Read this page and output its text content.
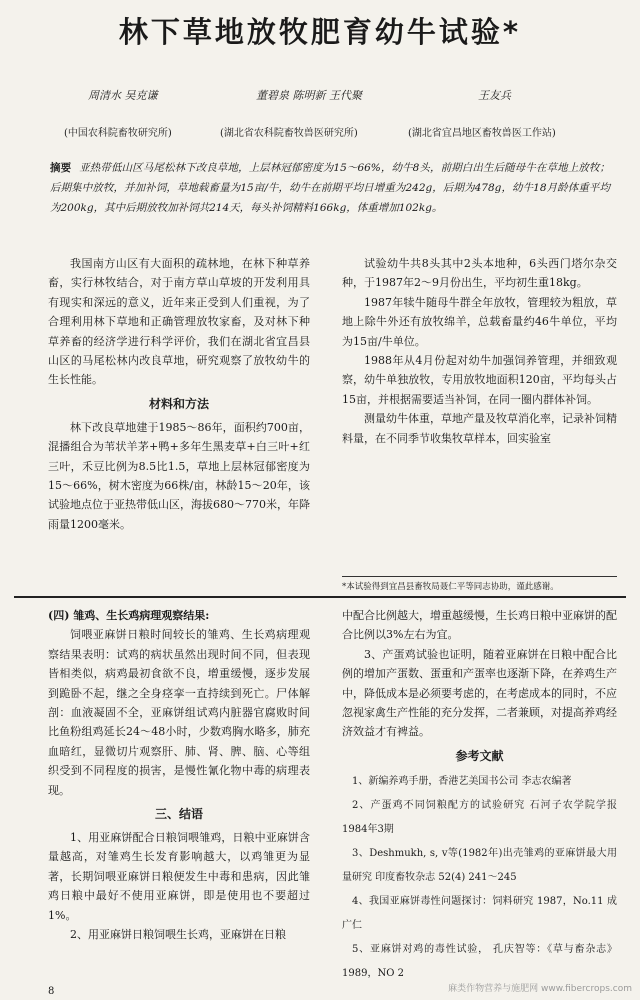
林下草地放牧肥育幼牛试验*
周清水 吴克谦	董碧泉 陈明新 王代聚	王友兵
(中国农科院畜牧研究所)	(湖北省农科院畜牧兽医研究所)	(湖北省宜昌地区畜牧兽医工作站)
摘要 亚热带低山区马尾松林下改良草地，上层林冠郁密度为15～66%，幼牛8头，前期白出生后随母牛在草地上放牧；后期集中放牧，并加补饲，草地载畜量为15亩/牛，幼牛在前期平均日增重为242g，后期为478g，幼牛18月龄体重平均为200kg，其中后期放牧加补饲共214天，每头补饲精料166kg，体重增加102kg。

我国南方山区有大面积的疏林地，在林下种草养畜，实行林牧结合，对于南方草山草坡的开发利用具有现实和深远的意义，近年来正受到人们重视，为了合理利用林下草地和正确管理放牧家畜，及对林下种草养畜的经济学进行科学评价，我们在湖北省宜昌县山区的马尾松林内改良草地，研究观察了放牧幼牛的生长性能。

材料和方法

林下改良草地建于1985～86年，面积约700亩，混播组合为苇状羊茅+鸭+多年生黑麦草+白三叶+红三叶，禾豆比例为8.5比1.5，草地上层林冠郁密度为15～66%，树木密度为66株/亩，林龄15～20年，该试验地点位于亚热带低山区，海拔680～770米，年降雨量1200毫米。

试验幼牛共8头其中2头本地种，6头西门塔尔杂交种，于1987年2～9月份出生，平均初生重18kg。

1987年犊牛随母牛群全年放牧，管理较为粗放，草地上除牛外还有放牧绵羊，总载畜量约46牛单位，平均为15亩/牛单位。

1988年从4月份起对幼牛加强饲养管理，并细致观察，幼牛单独放牧，专用放牧地面积120亩，平均每头占15亩，并根据需要适当补饲，在同一圈内群体补饲。

测量幼牛体重，草地产量及牧草消化率，记录补饲精料量，在不同季节收集牧草样本，回实验室

*本试验得到宜昌县畜牧局聂仁平等同志协助，谨此感谢。

(四) 雏鸡、生长鸡病理观察结果:

饲喂亚麻饼日粮时间较长的雏鸡、生长鸡病理观察结果表明：试鸡的病状虽然出现时间不同，但表现皆相类似，病鸡最初食欲不良，增重缓慢，逐步发展到跪卧不起，继之全身痉挛一直持续到死亡。尸体解剖：血液凝固不全，亚麻饼组试鸡内脏器官腐败时间比鱼粉组鸡延长24～48小时，少数鸡胸水略多，肺充血暗红，显微切片观察肝、肺、肾、脾、脑、心等组织受到不同程度的损害，是慢性氰化物中毒的病理表现。

三、结语

1、用亚麻饼配合日粮饲喂雏鸡，日粮中亚麻饼含量越高，对雏鸡生长发育影响越大，以鸡雏更为显著，长期饲喂亚麻饼日粮便发生中毒和患病，因此雏鸡日粮中最好不使用亚麻饼，即是使用也不要超过1%。

2、用亚麻饼日粮饲喂生长鸡，亚麻饼在日粮

中配合比例越大，增重越缓慢，生长鸡日粮中亚麻饼的配合比例以3%左右为宜。

3、产蛋鸡试验也证明，随着亚麻饼在日粮中配合比例的增加产蛋数、蛋重和产蛋率也逐渐下降，在养鸡生产中，降低成本是必须要考虑的，在考虑成本的同时，不应忽视家禽生产性能的充分发挥，二者兼顾，对提高养鸡经济效益才有裨益。

参考文献
1、新编养鸡手册，香港艺美国书公司 李志农编著
2、产蛋鸡不同饲粮配方的试验研究 石河子农学院学报 1984年3期
3、Deshmukh, s, v等(1982年)出壳雏鸡的亚麻饼最大用量研究 印度畜牧杂志 52(4) 241～245
4、我国亚麻饼毒性问题探讨：饲料研究 1987，No.11 成广仁
5、亚麻饼对鸡的毒性试验， 孔庆智等：《草与畜杂志》 1989，NO 2
8	麻类作物营养与施肥网 www.fibercrops.com
